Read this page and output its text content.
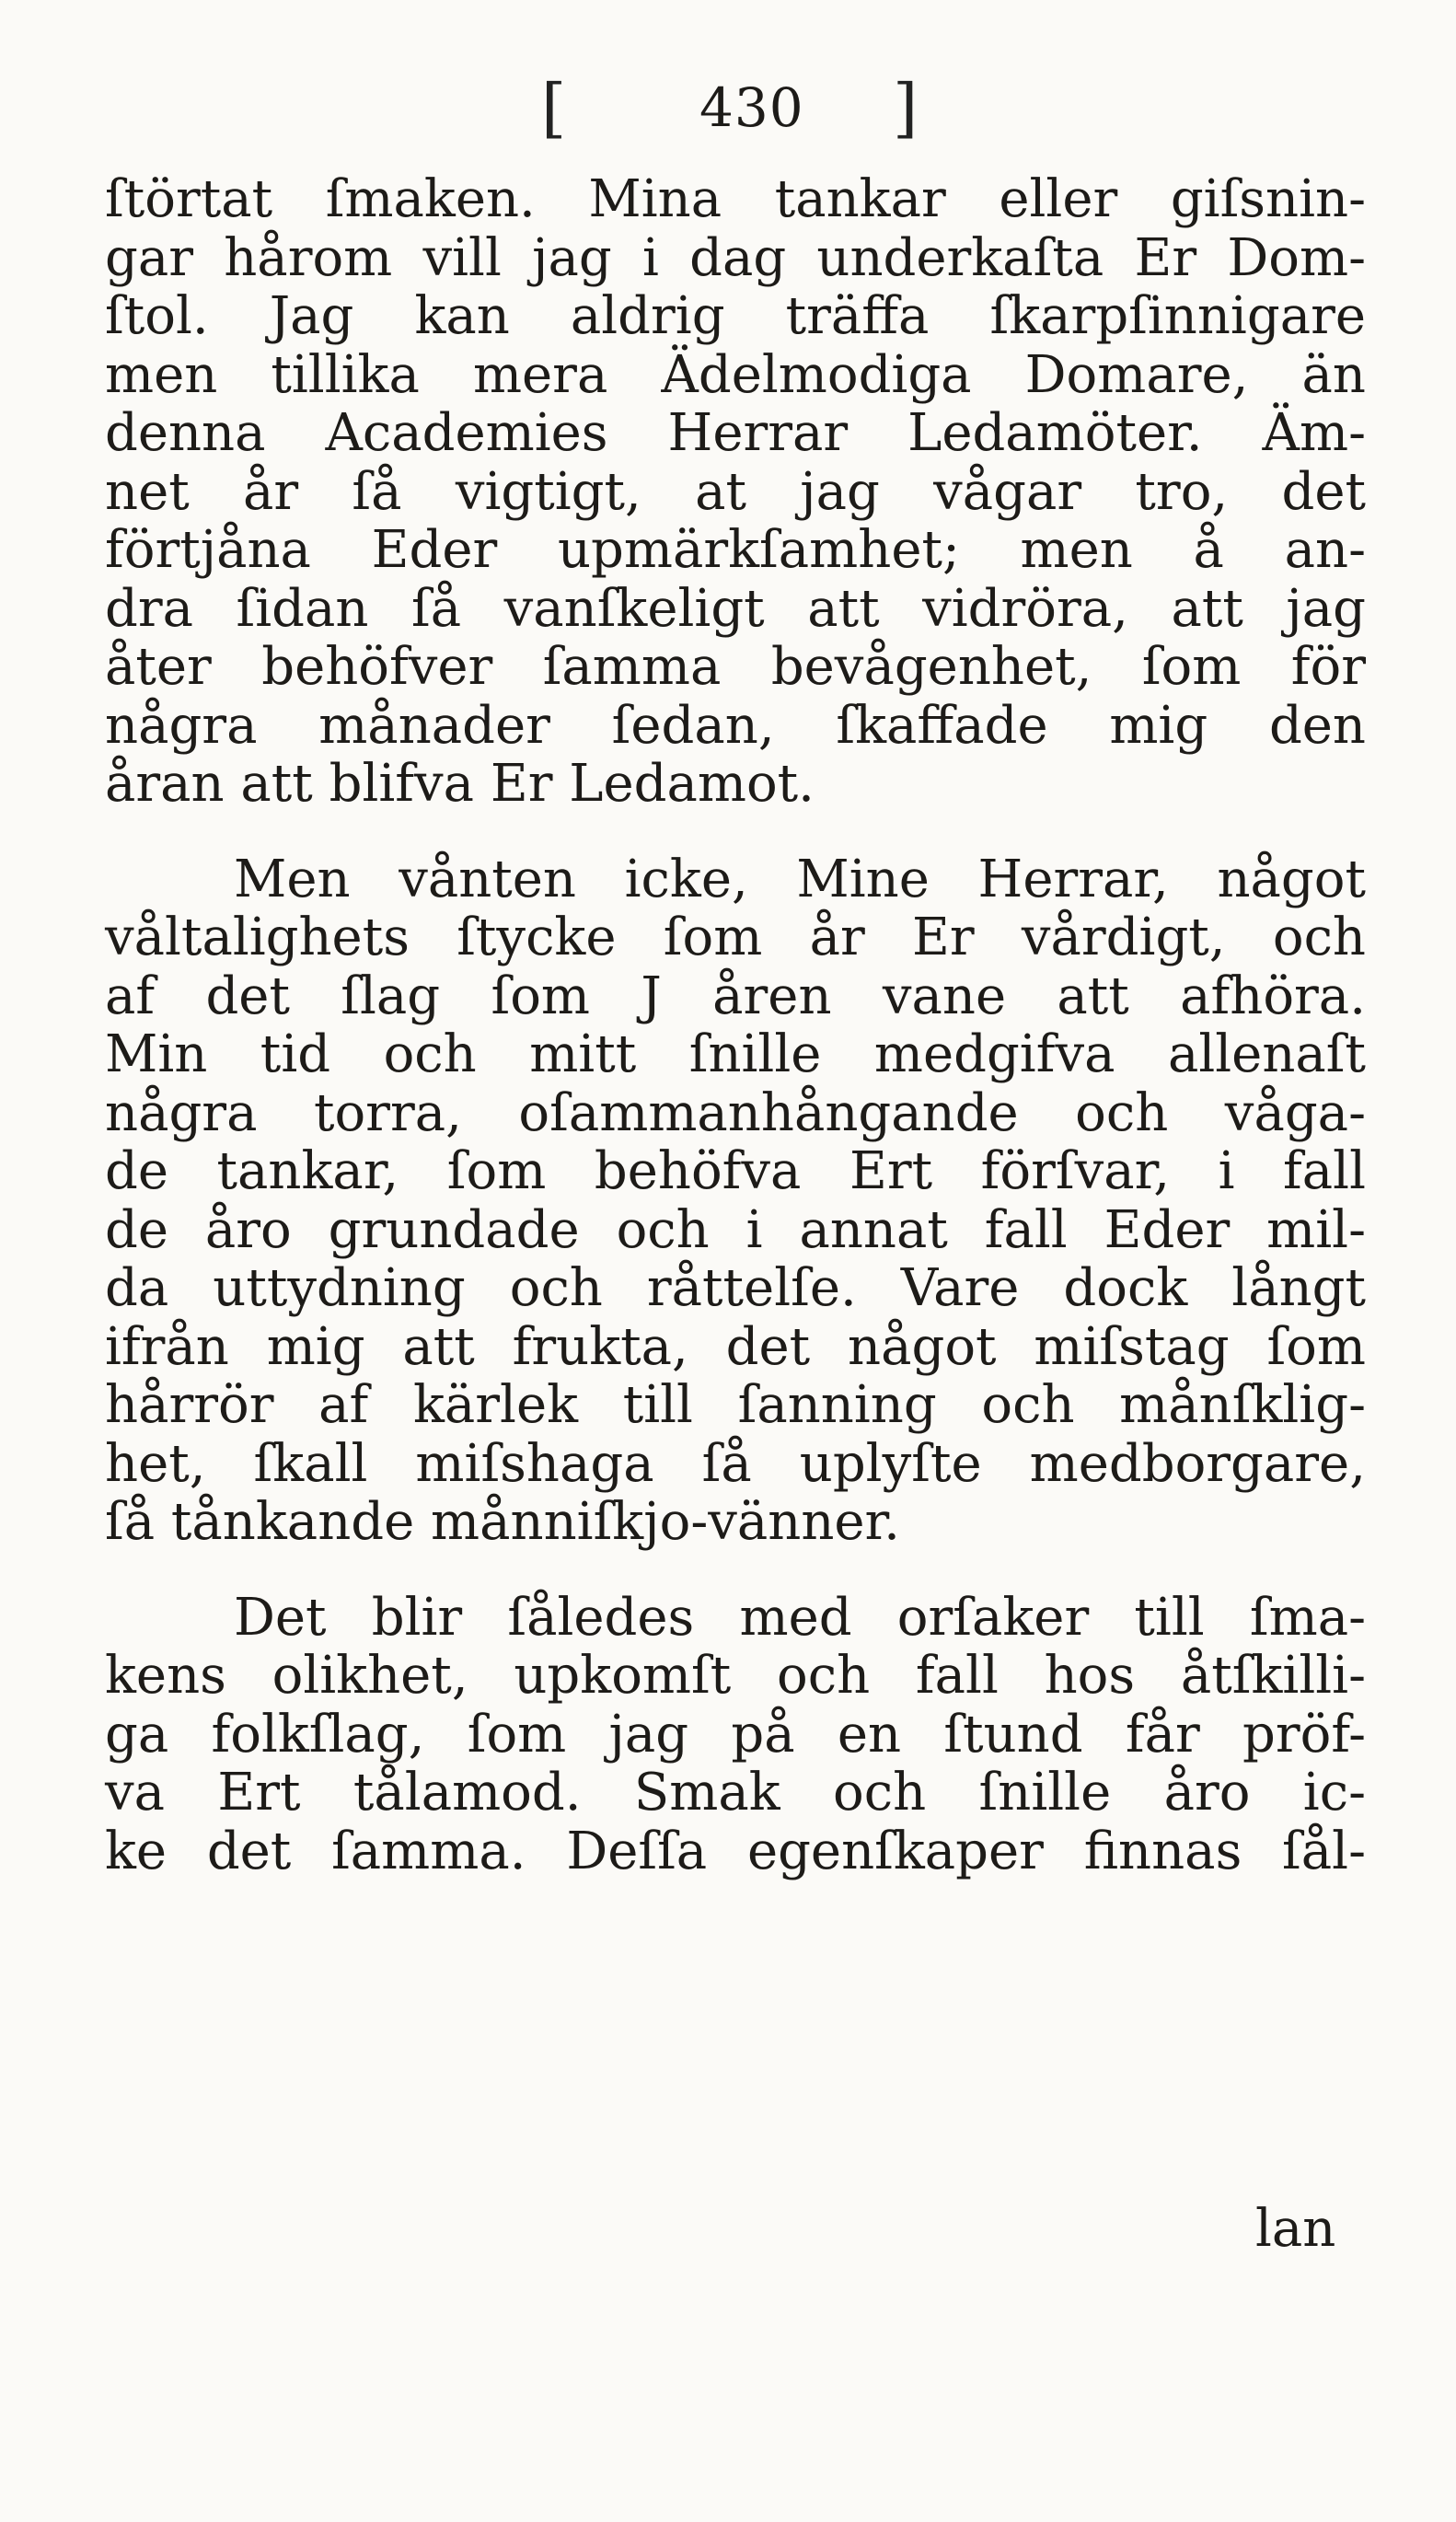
[ 430 ]
ſtörtat ſmaken. Mina tankar eller giſsnin-
gar hårom vill jag i dag underkaſta Er Dom-
ſtol. Jag kan aldrig träffa ſkarpſinnigare
men tillika mera Ädelmodiga Domare, än
denna Academies Herrar Ledamöter. Äm-
net år ſå vigtigt, at jag vågar tro, det
förtjåna Eder upmärkſamhet; men å an-
dra ſidan ſå vanſkeligt att vidröra, att jag
åter behöfver ſamma bevågenhet, ſom för
några månader ſedan, ſkaffade mig den
åran att blifva Er Ledamot.
Men vånten icke, Mine Herrar, något
våltalighets ſtycke ſom år Er vårdigt, och
af det ſlag ſom J åren vane att afhöra.
Min tid och mitt ſnille medgifva allenaſt
några torra, oſammanhångande och våga-
de tankar, ſom behöfva Ert förſvar, i fall
de åro grundade och i annat fall Eder mil-
da uttydning och råttelſe. Vare dock långt
ifrån mig att frukta, det något miſstag ſom
hårrör af kärlek till ſanning och månſklig-
het, ſkall miſshaga ſå uplyſte medborgare,
ſå tånkande månniſkjo-vänner.
Det blir ſåledes med orſaker till ſma-
kens olikhet, upkomſt och fall hos åtſkilli-
ga folkſlag, ſom jag på en ſtund får pröf-
va Ert tålamod. Smak och ſnille åro ic-
ke det ſamma. Deſſa egenſkaper finnas ſål-
lan
